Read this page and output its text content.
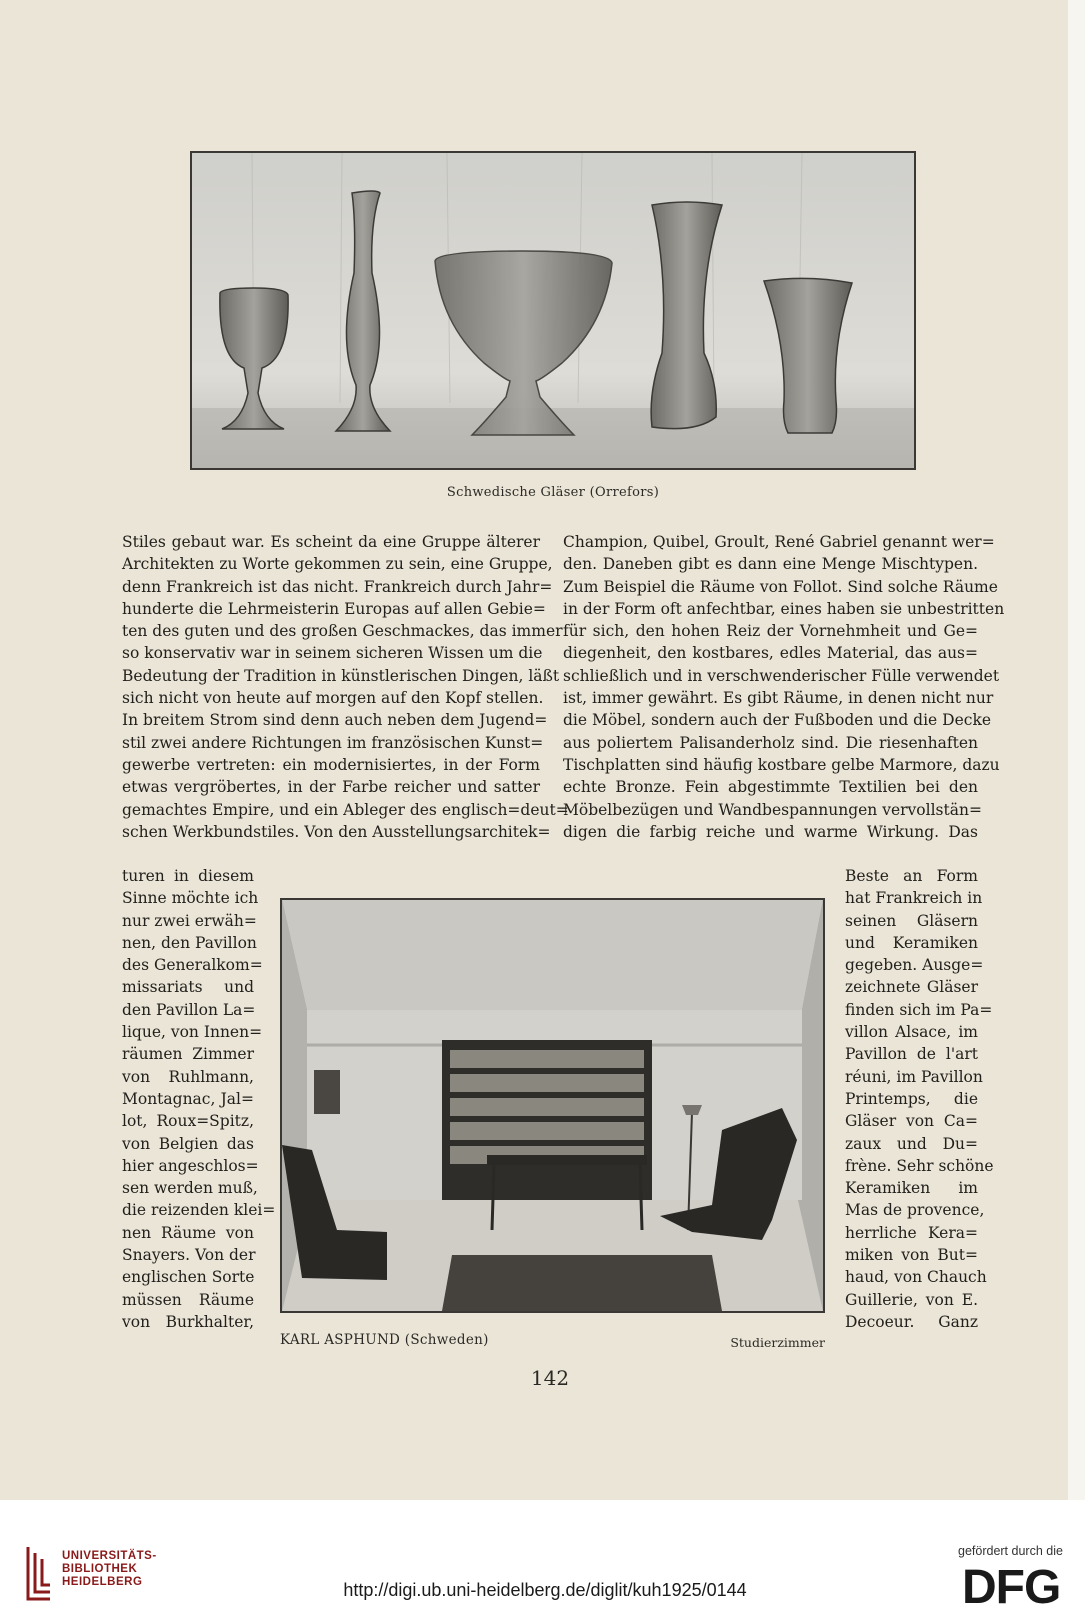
Schwedische Gläser (Orrefors)
Stiles gebaut war. Es scheint da eine Gruppe älterer
Architekten zu Worte gekommen zu sein, eine Gruppe,
denn Frankreich ist das nicht. Frankreich durch Jahr=
hunderte die Lehrmeisterin Europas auf allen Gebie=
ten des guten und des großen Geschmackes, das immer
so konservativ war in seinem sicheren Wissen um die
Bedeutung der Tradition in künstlerischen Dingen, läßt
sich nicht von heute auf morgen auf den Kopf stellen.
In breitem Strom sind denn auch neben dem Jugend=
stil zwei andere Richtungen im französischen Kunst=
gewerbe vertreten: ein modernisiertes, in der Form
etwas vergröbertes, in der Farbe reicher und satter
gemachtes Empire, und ein Ableger des englisch=deut=
schen Werkbundstiles. Von den Ausstellungsarchitek=
Champion, Quibel, Groult, René Gabriel genannt wer=
den. Daneben gibt es dann eine Menge Mischtypen.
Zum Beispiel die Räume von Follot. Sind solche Räume
in der Form oft anfechtbar, eines haben sie unbestritten
für sich, den hohen Reiz der Vornehmheit und Ge=
diegenheit, den kostbares, edles Material, das aus=
schließlich und in verschwenderischer Fülle verwendet
ist, immer gewährt. Es gibt Räume, in denen nicht nur
die Möbel, sondern auch der Fußboden und die Decke
aus poliertem Palisanderholz sind. Die riesenhaften
Tischplatten sind häufig kostbare gelbe Marmore, dazu
echte Bronze. Fein abgestimmte Textilien bei den
Möbelbezügen und Wandbespannungen vervollstän=
digen die farbig reiche und warme Wirkung. Das
turen in diesem
Sinne möchte ich
nur zwei erwäh=
nen, den Pavillon
des Generalkom=
missariats und
den Pavillon La=
lique, von Innen=
räumen Zimmer
von Ruhlmann,
Montagnac, Jal=
lot, Roux=Spitz,
von Belgien das
hier angeschlos=
sen werden muß,
die reizenden klei=
nen Räume von
Snayers. Von der
englischen Sorte
müssen Räume
von Burkhalter,
Beste an Form
hat Frankreich in
seinen Gläsern
und Keramiken
gegeben. Ausge=
zeichnete Gläser
finden sich im Pa=
villon Alsace, im
Pavillon de l'art
réuni, im Pavillon
Printemps, die
Gläser von Ca=
zaux und Du=
frène. Sehr schöne
Keramiken im
Mas de provence,
herrliche Kera=
miken von But=
haud, von Chauch
Guillerie, von E.
Decoeur. Ganz
KARL ASPHUND (Schweden)	Studierzimmer
142
UNIVERSITÄTS-
BIBLIOTHEK
HEIDELBERG	http://digi.ub.uni-heidelberg.de/diglit/kuh1925/0144
gefördert durch die
DFG
